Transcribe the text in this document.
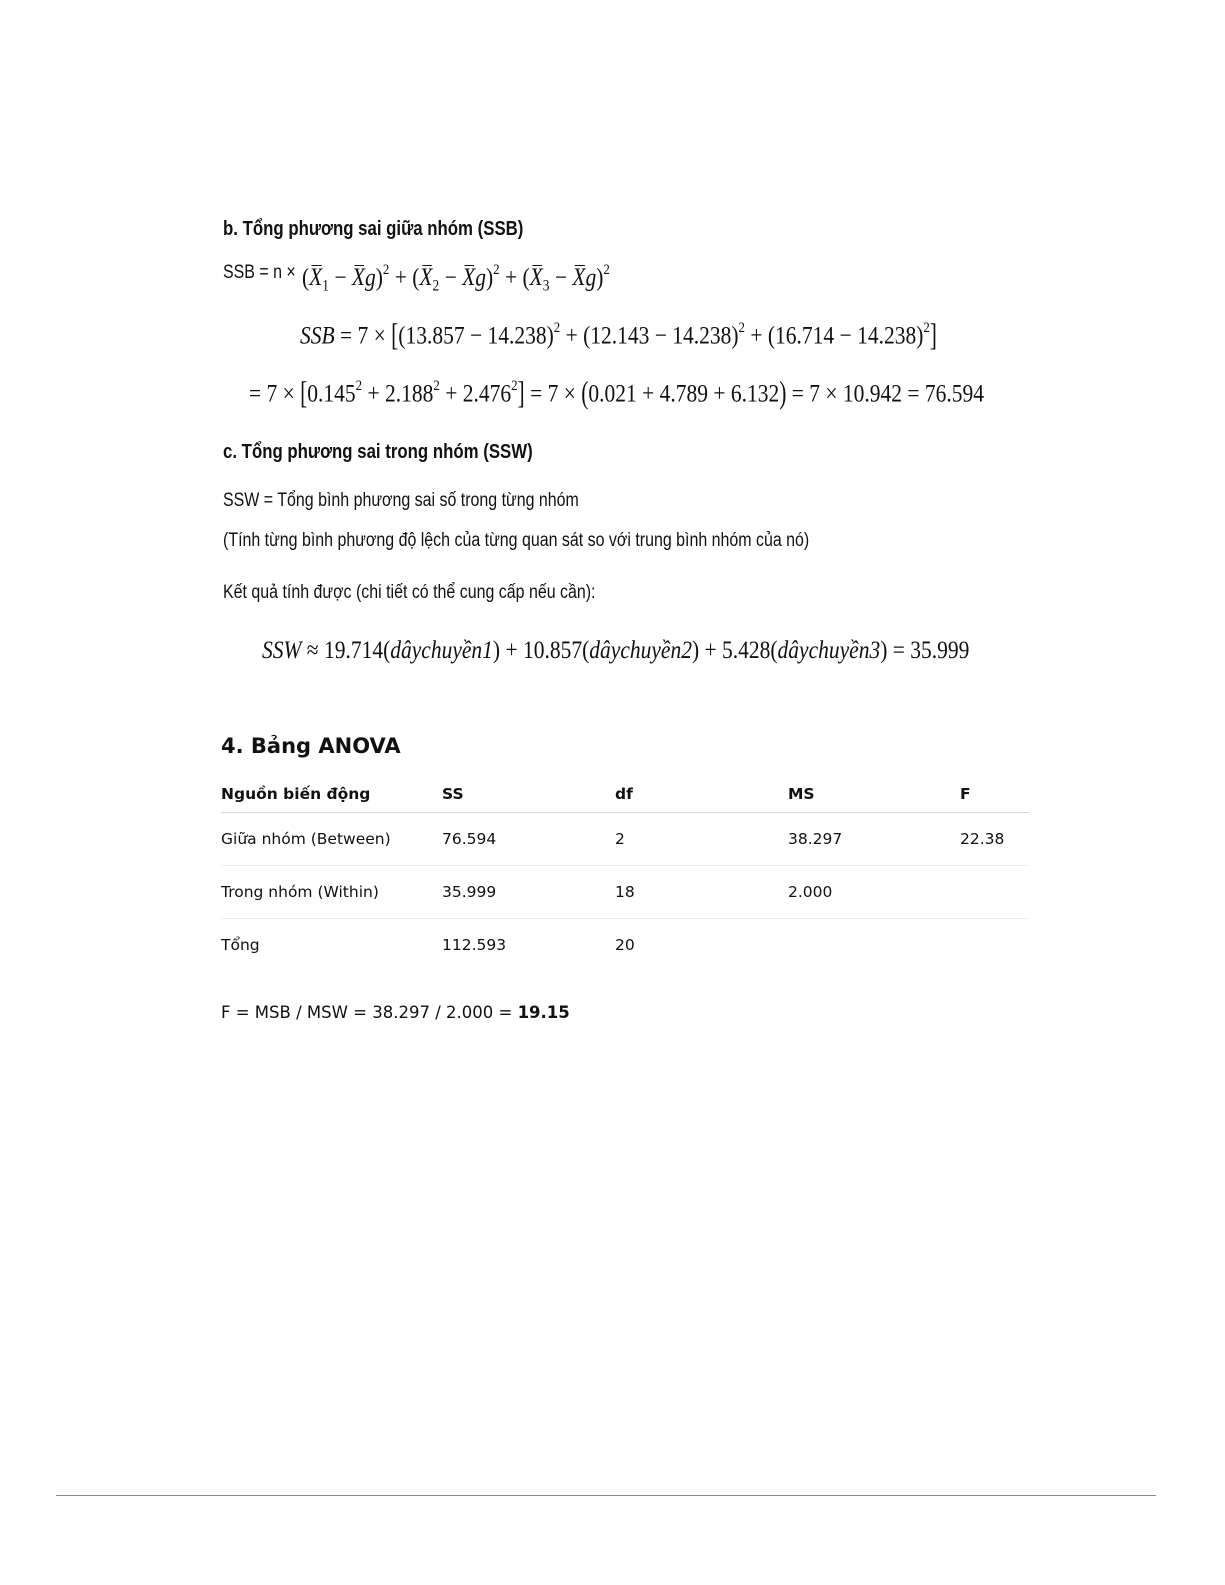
b. Tổng phương sai giữa nhóm (SSB)
SSB = $n \times (X_1 - Xg)^2 + (X_2 - Xg)^2 + (X_3 - Xg)^2$
SSB = $7 \times [(13.857 - 14.238)^2 + (12.143 - 14.238)^2 + (16.714 - 14.238)^2]$
= $7 \times [0.145^2 + 2.188^2 + 2.476^2] = 7 \times (0.021 + 4.789 + 6.132) = 7 \times 10.942 = 76.594$
c. Tổng phương sai trong nhóm (SSW)
SSW = Tổng bình phương sai số trong từng nhóm
(Tính từng bình phương độ lệch của từng quan sát so với trung bình nhóm của nó)
Kết quả tính được (chi tiết có thể cung cấp nếu cần):
SSW ≈ 19.714(dâychuyền1) + 10.857(dâychuyền2) + 5.428(dâychuyền3) = 35.999
4. Bảng ANOVA
Nguồn biến động	SS	df	MS	F
Giữa nhóm (Between)	76.594	2	38.297	22.38
Trong nhóm (Within)	35.999	18	2.000	
Tổng	112.593	20		
F = MSB / MSW = 38.297 / 2.000 = 19.15
